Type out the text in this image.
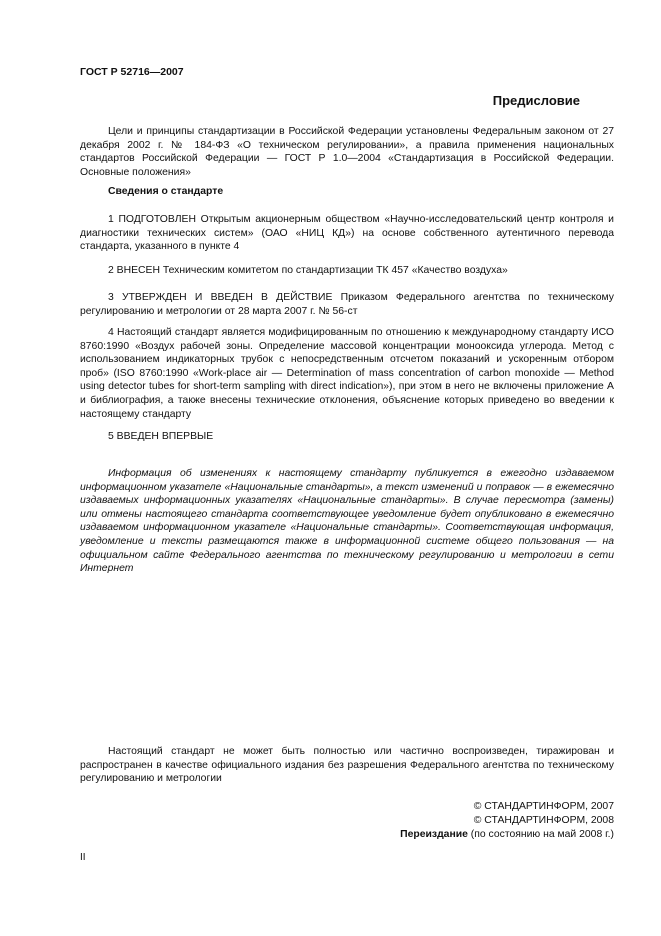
ГОСТ Р 52716—2007
Предисловие

Цели и принципы стандартизации в Российской Федерации установлены Федеральным законом от 27 декабря 2002 г. № 184-ФЗ «О техническом регулировании», а правила применения национальных стандартов Российской Федерации — ГОСТ Р 1.0—2004 «Стандартизация в Российской Федерации. Основные положения»

Сведения о стандарте

1 ПОДГОТОВЛЕН Открытым акционерным обществом «Научно-исследовательский центр контроля и диагностики технических систем» (ОАО «НИЦ КД») на основе собственного аутентичного перевода стандарта, указанного в пункте 4

2 ВНЕСЕН Техническим комитетом по стандартизации ТК 457 «Качество воздуха»

3 УТВЕРЖДЕН И ВВЕДЕН В ДЕЙСТВИЕ Приказом Федерального агентства по техническому регулированию и метрологии от 28 марта 2007 г. № 56-ст

4 Настоящий стандарт является модифицированным по отношению к международному стандарту ИСО 8760:1990 «Воздух рабочей зоны. Определение массовой концентрации монооксида углерода. Метод с использованием индикаторных трубок с непосредственным отсчетом показаний и ускоренным отбором проб» (ISO 8760:1990 «Work-place air — Determination of mass concentration of carbon monoxide — Method using detector tubes for short-term sampling with direct indication»), при этом в него не включены приложение А и библиография, а также внесены технические отклонения, объяснение которых приведено во введении к настоящему стандарту

5 ВВЕДЕН ВПЕРВЫЕ

Информация об изменениях к настоящему стандарту публикуется в ежегодно издаваемом информационном указателе «Национальные стандарты», а текст изменений и поправок — в ежемесячно издаваемых информационных указателях «Национальные стандарты». В случае пересмотра (замены) или отмены настоящего стандарта соответствующее уведомление будет опубликовано в ежемесячно издаваемом информационном указателе «Национальные стандарты». Соответствующая информация, уведомление и тексты размещаются также в информационной системе общего пользования — на официальном сайте Федерального агентства по техническому регулированию и метрологии в сети Интернет

Настоящий стандарт не может быть полностью или частично воспроизведен, тиражирован и распространен в качестве официального издания без разрешения Федерального агентства по техническому регулированию и метрологии

© СТАНДАРТИНФОРМ, 2007
© СТАНДАРТИНФОРМ, 2008
Переиздание (по состоянию на май 2008 г.)
II
